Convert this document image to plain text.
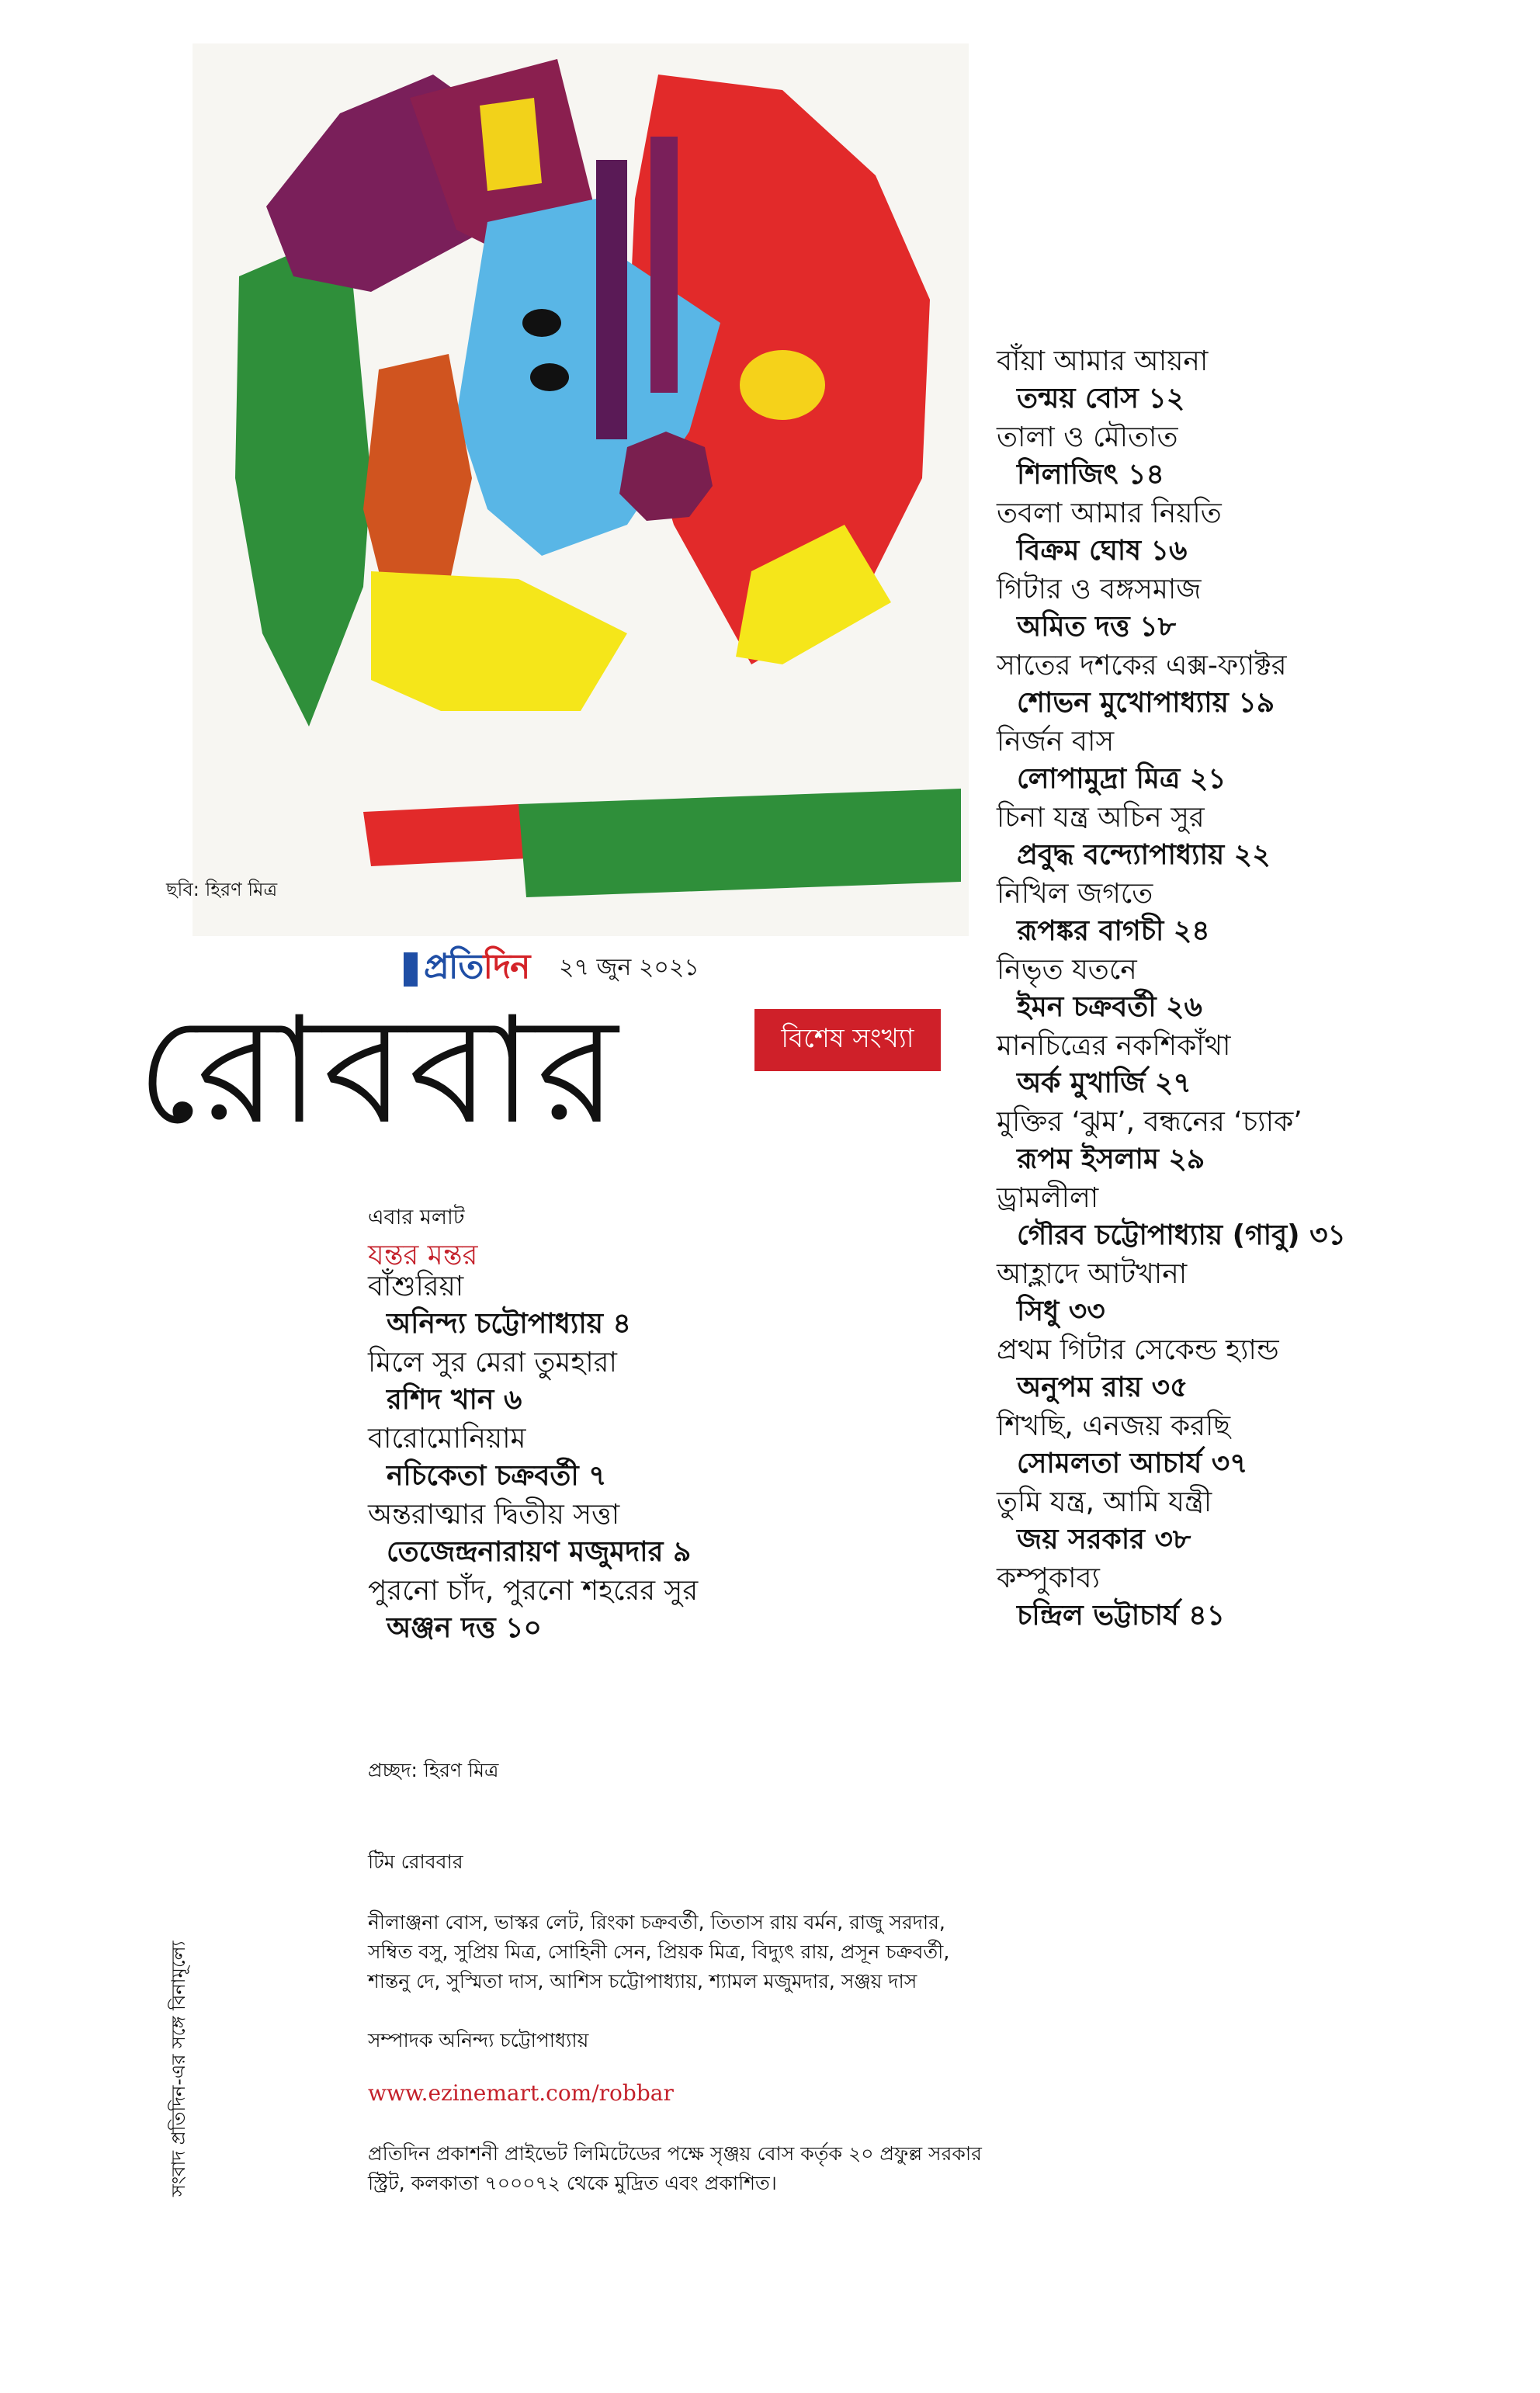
ছবি: হিরণ মিত্র
প্রতিদিন ২৭ জুন ২০২১
রোববার	বিশেষ সংখ্যা
এবার মলাট
যন্তর মন্তর
বাঁশুরিয়া
অনিন্দ্য চট্টোপাধ্যায় ৪
মিলে সুর মেরা তুমহারা
রশিদ খান ৬
বারোমোনিয়াম
নচিকেতা চক্রবর্তী ৭
অন্তরাত্মার দ্বিতীয় সত্তা
তেজেন্দ্রনারায়ণ মজুমদার ৯
পুরনো চাঁদ, পুরনো শহরের সুর
অঞ্জন দত্ত ১০
বাঁয়া আমার আয়না
তন্ময় বোস ১২
তালা ও মৌতাত
শিলাজিৎ ১৪
তবলা আমার নিয়তি
বিক্রম ঘোষ ১৬
গিটার ও বঙ্গসমাজ
অমিত দত্ত ১৮
সাতের দশকের এক্স-ফ্যাক্টর
শোভন মুখোপাধ্যায় ১৯
নির্জন বাস
লোপামুদ্রা মিত্র ২১
চিনা যন্ত্র অচিন সুর
প্রবুদ্ধ বন্দ্যোপাধ্যায় ২২
নিখিল জগতে
রূপঙ্কর বাগচী ২৪
নিভৃত যতনে
ইমন চক্রবর্তী ২৬
মানচিত্রের নকশিকাঁথা
অর্ক মুখার্জি ২৭
মুক্তির ‘ঝুম’, বন্ধনের ‘চ্যাক’
রূপম ইসলাম ২৯
ড্রামলীলা
গৌরব চট্টোপাধ্যায় (গাবু) ৩১
আহ্লাদে আটখানা
সিধু ৩৩
প্রথম গিটার সেকেন্ড হ্যান্ড
অনুপম রায় ৩৫
শিখছি, এনজয় করছি
সোমলতা আচার্য ৩৭
তুমি যন্ত্র, আমি যন্ত্রী
জয় সরকার ৩৮
কম্পুকাব্য
চন্দ্রিল ভট্টাচার্য ৪১
প্রচ্ছদ: হিরণ মিত্র
টিম রোববার
নীলাঞ্জনা বোস, ভাস্কর লেট, রিংকা চক্রবর্তী, তিতাস রায় বর্মন, রাজু সরদার,
সম্বিত বসু, সুপ্রিয় মিত্র, সোহিনী সেন, প্রিয়ক মিত্র, বিদ্যুৎ রায়, প্রসূন চক্রবর্তী,
শান্তনু দে, সুস্মিতা দাস, আশিস চট্টোপাধ্যায়, শ্যামল মজুমদার, সঞ্জয় দাস
সম্পাদক অনিন্দ্য চট্টোপাধ্যায়
www.ezinemart.com/robbar
প্রতিদিন প্রকাশনী প্রাইভেট লিমিটেডের পক্ষে সৃঞ্জয় বোস কর্তৃক ২০ প্রফুল্ল সরকার
স্ট্রিট, কলকাতা ৭০০০৭২ থেকে মুদ্রিত এবং প্রকাশিত।
সংবাদ প্রতিদিন-এর সঙ্গে বিনামূল্যে
